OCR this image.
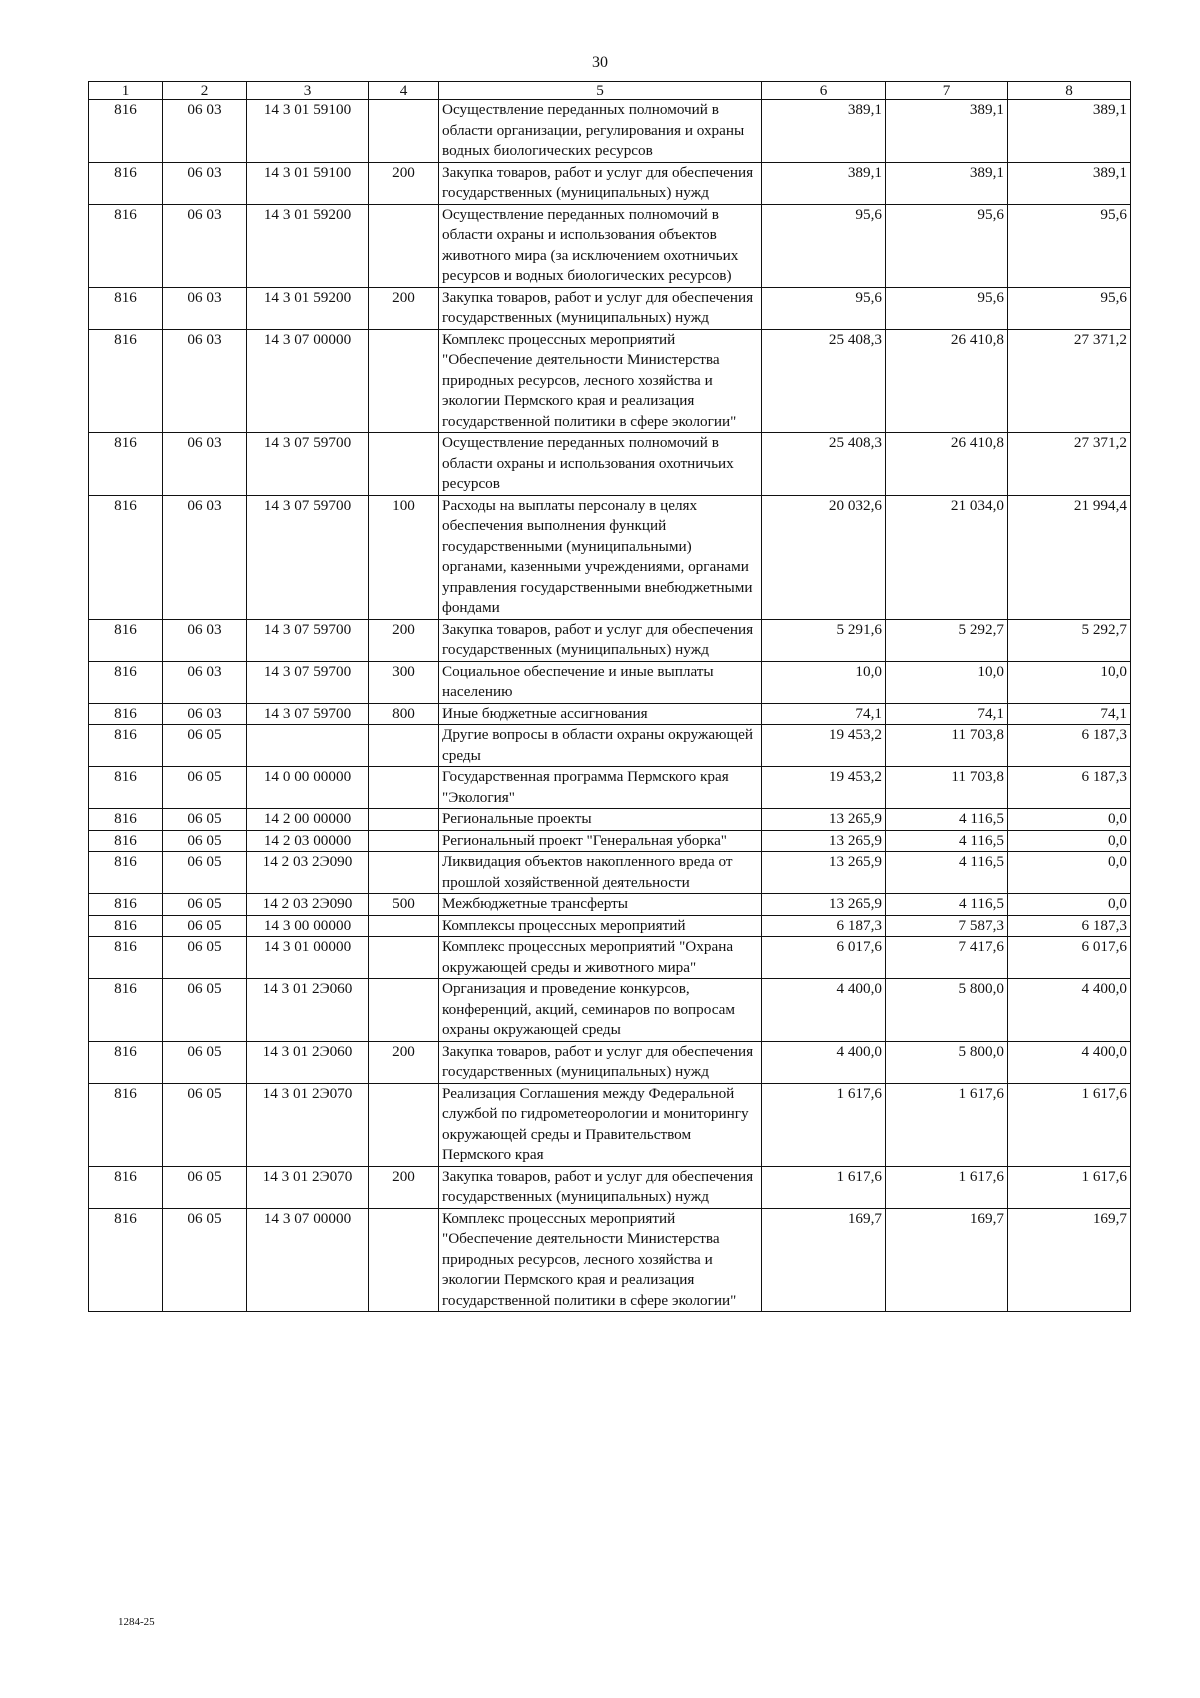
30
1	2	3	4	5	6	7	8
816	06 03	14 3 01 59100		Осуществление переданных полномочий в области организации, регулирования и охраны водных биологических ресурсов	389,1	389,1	389,1
816	06 03	14 3 01 59100	200	Закупка товаров, работ и услуг для обеспечения государственных (муниципальных) нужд	389,1	389,1	389,1
816	06 03	14 3 01 59200		Осуществление переданных полномочий в области охраны и использования объектов животного мира (за исключением охотничьих ресурсов и водных биологических ресурсов)	95,6	95,6	95,6
816	06 03	14 3 01 59200	200	Закупка товаров, работ и услуг для обеспечения государственных (муниципальных) нужд	95,6	95,6	95,6
816	06 03	14 3 07 00000		Комплекс процессных мероприятий "Обеспечение деятельности Министерства природных ресурсов, лесного хозяйства и экологии Пермского края и реализация государственной политики в сфере экологии"	25 408,3	26 410,8	27 371,2
816	06 03	14 3 07 59700		Осуществление переданных полномочий в области охраны и использования охотничьих ресурсов	25 408,3	26 410,8	27 371,2
816	06 03	14 3 07 59700	100	Расходы на выплаты персоналу в целях обеспечения выполнения функций государственными (муниципальными) органами, казенными учреждениями, органами управления государственными внебюджетными фондами	20 032,6	21 034,0	21 994,4
816	06 03	14 3 07 59700	200	Закупка товаров, работ и услуг для обеспечения государственных (муниципальных) нужд	5 291,6	5 292,7	5 292,7
816	06 03	14 3 07 59700	300	Социальное обеспечение и иные выплаты населению	10,0	10,0	10,0
816	06 03	14 3 07 59700	800	Иные бюджетные ассигнования	74,1	74,1	74,1
816	06 05			Другие вопросы в области охраны окружающей среды	19 453,2	11 703,8	6 187,3
816	06 05	14 0 00 00000		Государственная программа Пермского края "Экология"	19 453,2	11 703,8	6 187,3
816	06 05	14 2 00 00000		Региональные проекты	13 265,9	4 116,5	0,0
816	06 05	14 2 03 00000		Региональный проект "Генеральная уборка"	13 265,9	4 116,5	0,0
816	06 05	14 2 03 2Э090		Ликвидация объектов накопленного вреда от прошлой хозяйственной деятельности	13 265,9	4 116,5	0,0
816	06 05	14 2 03 2Э090	500	Межбюджетные трансферты	13 265,9	4 116,5	0,0
816	06 05	14 3 00 00000		Комплексы процессных мероприятий	6 187,3	7 587,3	6 187,3
816	06 05	14 3 01 00000		Комплекс процессных мероприятий "Охрана окружающей среды и животного мира"	6 017,6	7 417,6	6 017,6
816	06 05	14 3 01 2Э060		Организация и проведение конкурсов, конференций, акций, семинаров по вопросам охраны окружающей среды	4 400,0	5 800,0	4 400,0
816	06 05	14 3 01 2Э060	200	Закупка товаров, работ и услуг для обеспечения государственных (муниципальных) нужд	4 400,0	5 800,0	4 400,0
816	06 05	14 3 01 2Э070		Реализация Соглашения между Федеральной службой по гидрометеорологии и мониторингу окружающей среды и Правительством Пермского края	1 617,6	1 617,6	1 617,6
816	06 05	14 3 01 2Э070	200	Закупка товаров, работ и услуг для обеспечения государственных (муниципальных) нужд	1 617,6	1 617,6	1 617,6
816	06 05	14 3 07 00000		Комплекс процессных мероприятий "Обеспечение деятельности Министерства природных ресурсов, лесного хозяйства и экологии Пермского края и реализация государственной политики в сфере экологии"	169,7	169,7	169,7
1284-25
